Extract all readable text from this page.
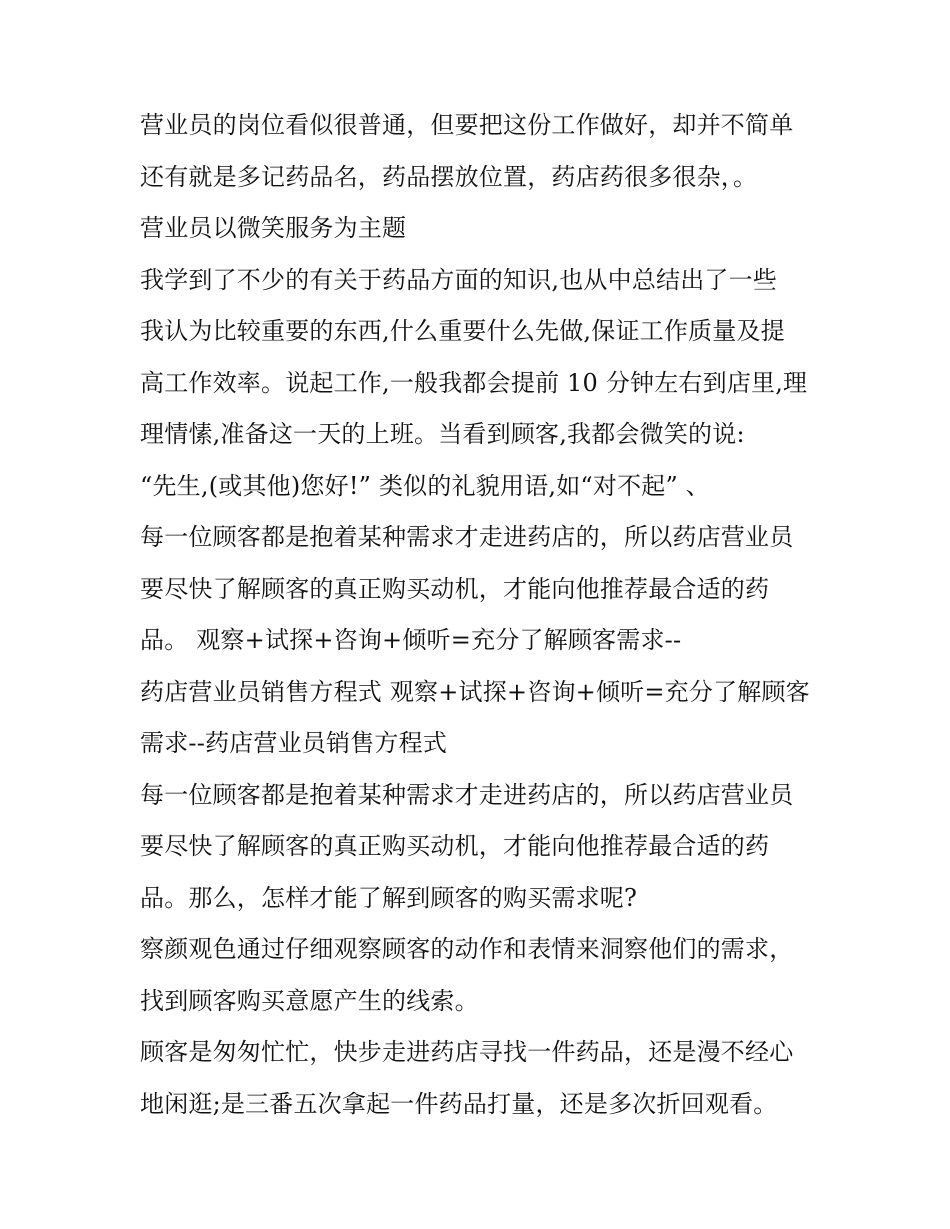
营业员的岗位看似很普通，但要把这份工作做好，却并不简单
还有就是多记药品名，药品摆放位置，药店药很多很杂，。
营业员以微笑服务为主题
我学到了不少的有关于药品方面的知识,也从中总结出了一些
我认为比较重要的东西,什么重要什么先做,保证工作质量及提
高工作效率。说起工作,一般我都会提前 10 分钟左右到店里,理
理情愫,准备这一天的上班。当看到顾客,我都会微笑的说:
“先生,(或其他)您好!” 类似的礼貌用语,如“对不起” 、
每一位顾客都是抱着某种需求才走进药店的，所以药店营业员
要尽快了解顾客的真正购买动机，才能向他推荐最合适的药
品。 观察+试探+咨询+倾听=充分了解顾客需求--
药店营业员销售方程式 观察+试探+咨询+倾听=充分了解顾客
需求--药店营业员销售方程式
每一位顾客都是抱着某种需求才走进药店的，所以药店营业员
要尽快了解顾客的真正购买动机，才能向他推荐最合适的药
品。那么，怎样才能了解到顾客的购买需求呢?
察颜观色通过仔细观察顾客的动作和表情来洞察他们的需求，
找到顾客购买意愿产生的线索。
顾客是匆匆忙忙，快步走进药店寻找一件药品，还是漫不经心
地闲逛;是三番五次拿起一件药品打量，还是多次折回观看。
